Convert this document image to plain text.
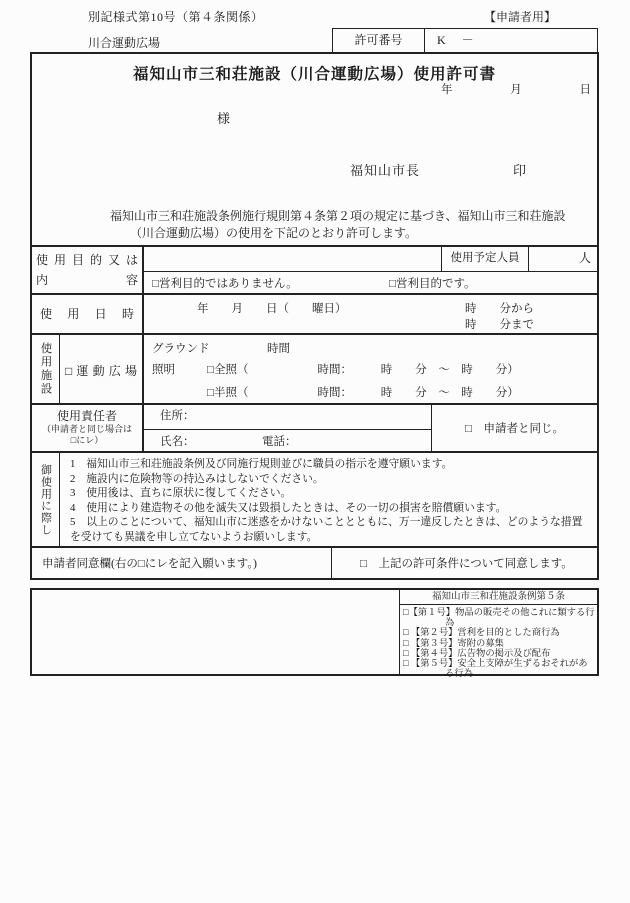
別記様式第10号（第４条関係）	【申請者用】
川合運動広場	許可番号	K　－
福知山市三和荘施設（川合運動広場）使用許可書
年	月	日
様
福知山市長	印
福知山市三和荘施設条例施行規則第４条第２項の規定に基づき、福知山市三和荘施設
（川合運動広場）の使用を下記のとおり許可します。
使 用 目 的 又 は
内 容
使用予定人員	人
□営利目的ではありません。	□営利目的です。
使 用 日 時	年　　月　　日（　　曜日）	時　　分から
時　　分まで
使用施設 □ 運 動 広 場
グラウンド　　　　　時間
照明	□全照（　　　　　　時間：　　　時　　分　～　時　　分）
□半照（　　　　　　時間：　　　時　　分　～　時　　分）
使用責任者
（申請者と同じ場合は
□にレ）
住所：
氏名：	電話：
□　申請者と同じ。
御使用に際し 1　福知山市三和荘施設条例及び同施行規則並びに職員の指示を遵守願います。
2　施設内に危険物等の持込みはしないでください。
3　使用後は、直ちに原状に復してください。
4　使用により建造物その他を滅失又は毀損したときは、その一切の損害を賠償願います。
5　以上のことについて、福知山市に迷惑をかけないこととともに、万一違反したときは、どのような措置を受けても異議を申し立てないようお願いします。
申請者同意欄(右の□にレを記入願います。)	□　上記の許可条件について同意します。
福知山市三和荘施設条例第５条
□【第１号】物品の販売その他これに類する行為
□ 【第２号】営利を目的とした商行為
□ 【第３号】寄附の募集
□ 【第４号】広告物の掲示及び配布
□ 【第５号】安全上支障が生ずるおそれがある行為
